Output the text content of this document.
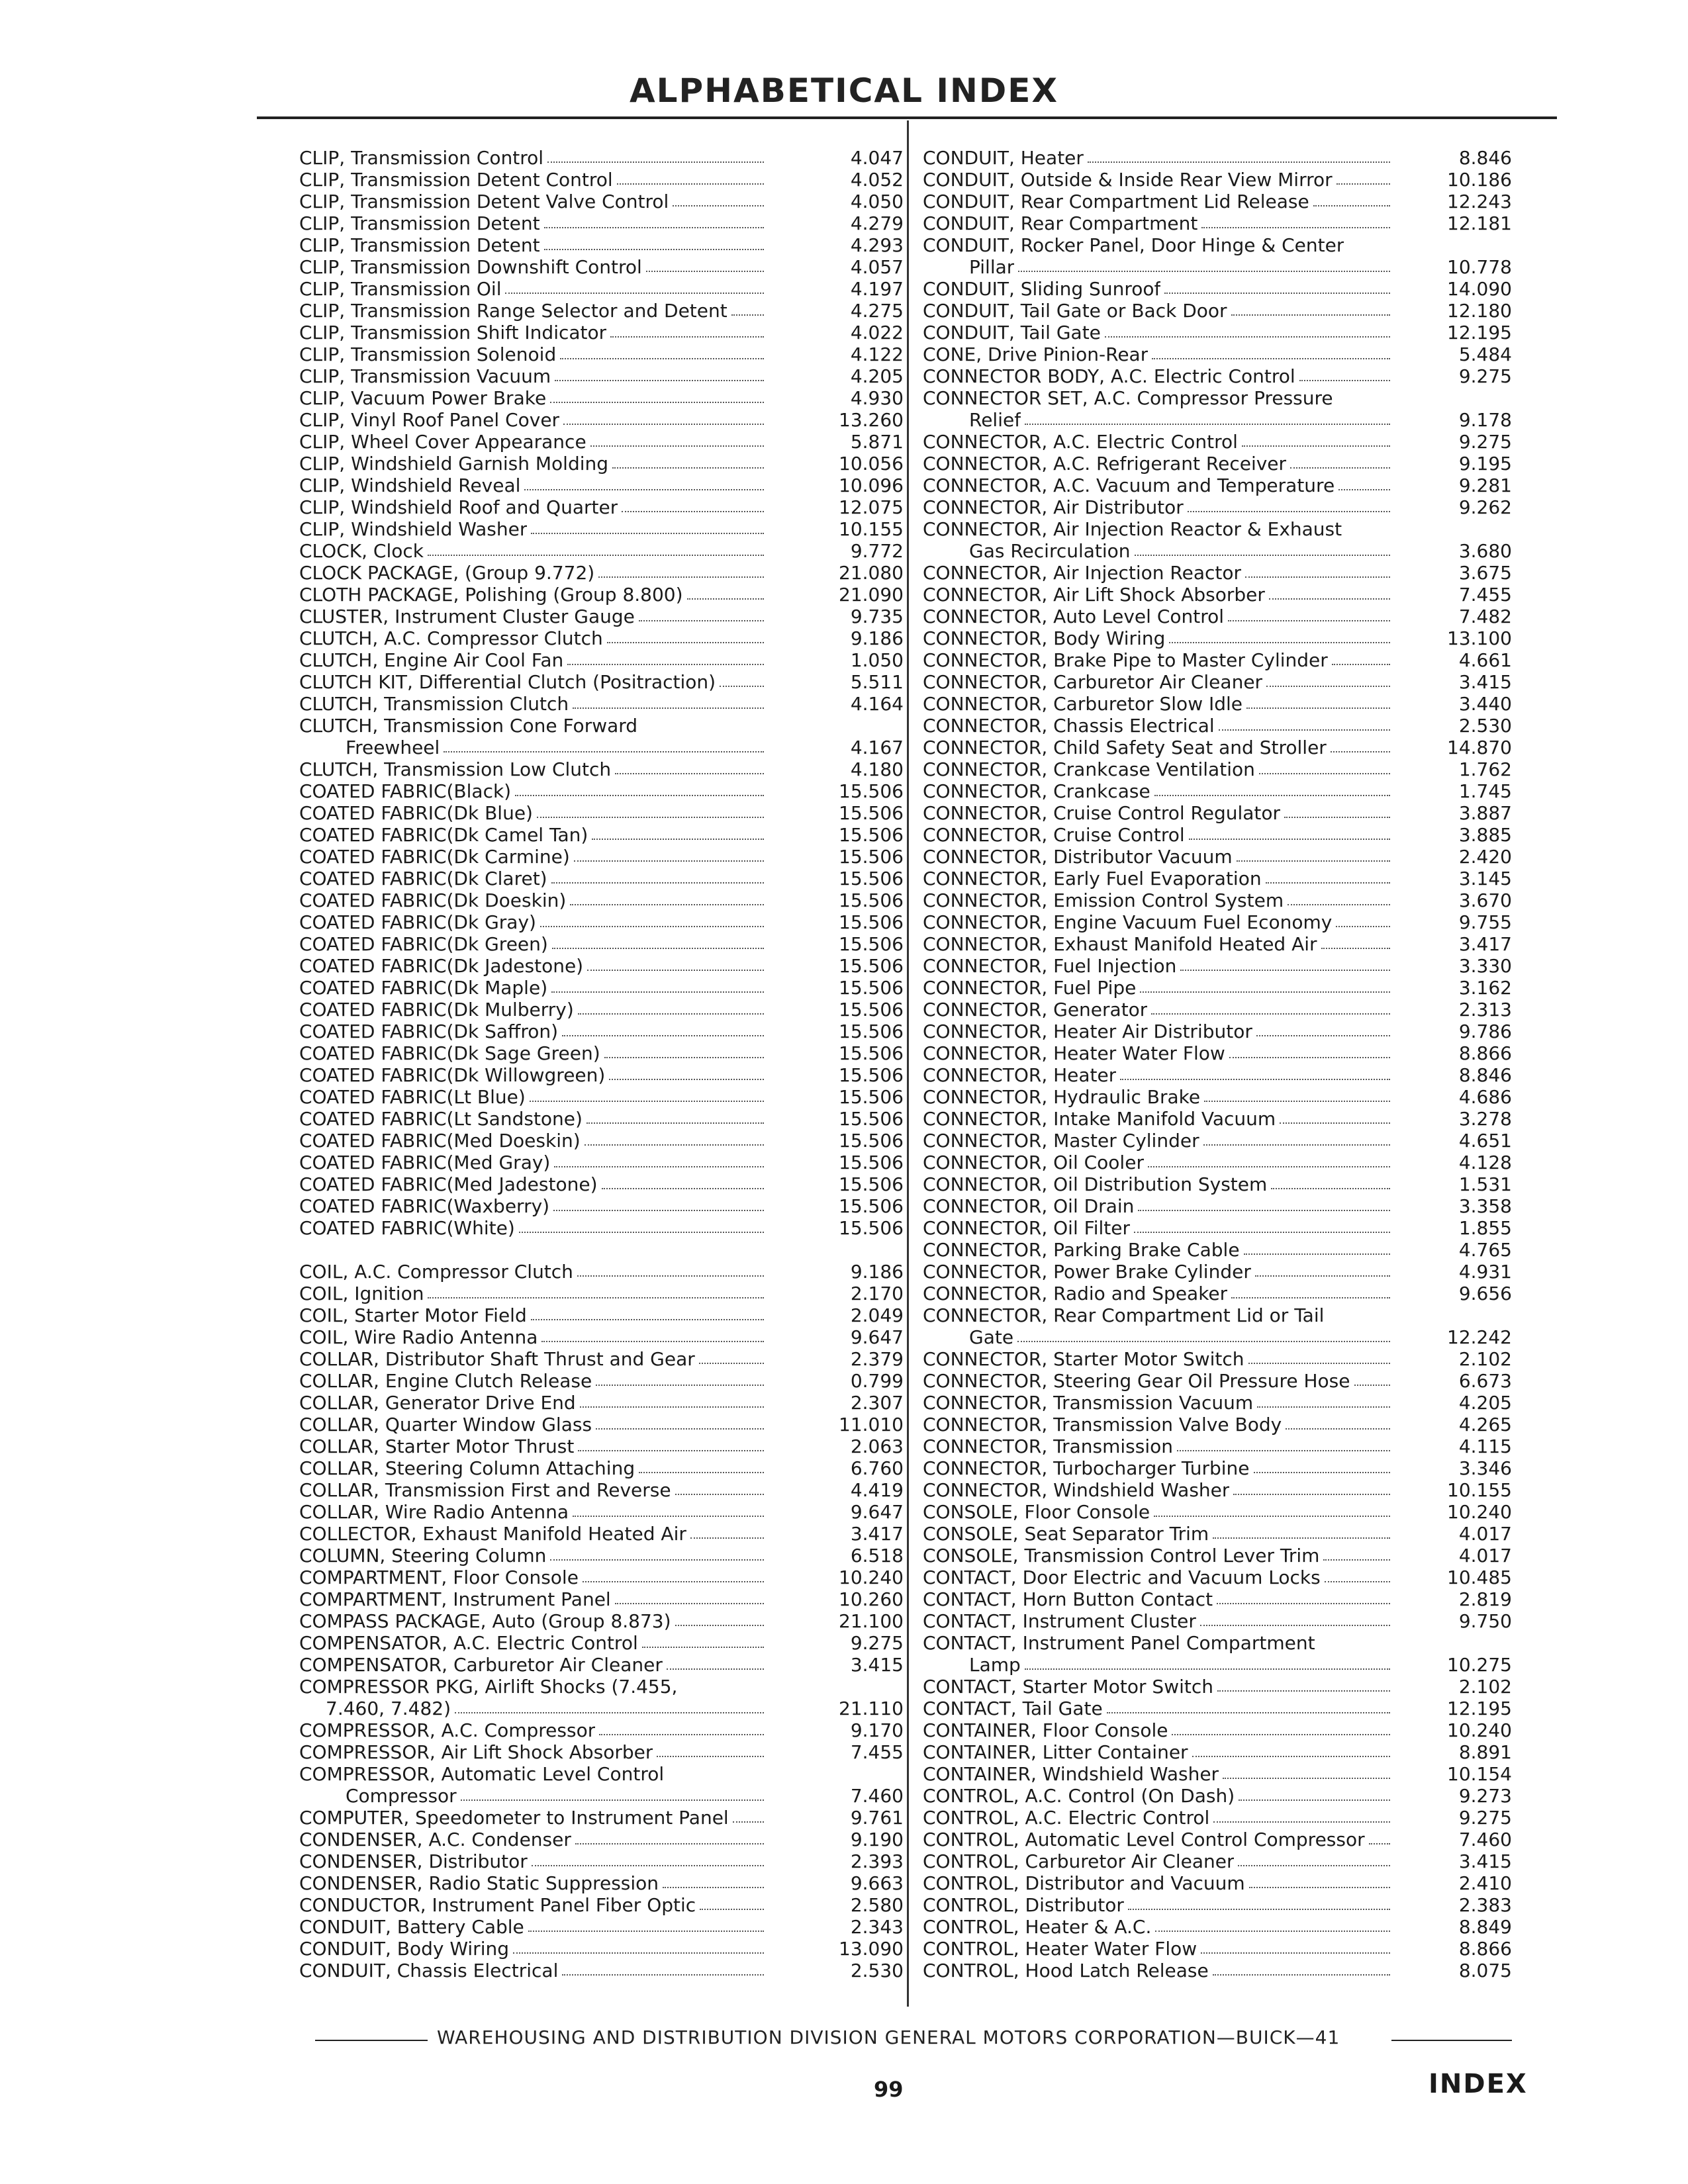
ALPHABETICAL INDEX
CLIP, Transmission Control	4.047
CLIP, Transmission Detent Control	4.052
CLIP, Transmission Detent Valve Control	4.050
CLIP, Transmission Detent	4.279
CLIP, Transmission Detent	4.293
CLIP, Transmission Downshift Control	4.057
CLIP, Transmission Oil	4.197
CLIP, Transmission Range Selector and Detent	4.275
CLIP, Transmission Shift Indicator	4.022
CLIP, Transmission Solenoid	4.122
CLIP, Transmission Vacuum	4.205
CLIP, Vacuum Power Brake	4.930
CLIP, Vinyl Roof Panel Cover	13.260
CLIP, Wheel Cover Appearance	5.871
CLIP, Windshield Garnish Molding	10.056
CLIP, Windshield Reveal	10.096
CLIP, Windshield Roof and Quarter	12.075
CLIP, Windshield Washer	10.155
CLOCK, Clock	9.772
CLOCK PACKAGE, (Group 9.772)	21.080
CLOTH PACKAGE, Polishing (Group 8.800)	21.090
CLUSTER, Instrument Cluster Gauge	9.735
CLUTCH, A.C. Compressor Clutch	9.186
CLUTCH, Engine Air Cool Fan	1.050
CLUTCH KIT, Differential Clutch (Positraction)	5.511
CLUTCH, Transmission Clutch	4.164
CLUTCH, Transmission Cone Forward
Freewheel	4.167
CLUTCH, Transmission Low Clutch	4.180
COATED FABRIC(Black)	15.506
COATED FABRIC(Dk Blue)	15.506
COATED FABRIC(Dk Camel Tan)	15.506
COATED FABRIC(Dk Carmine)	15.506
COATED FABRIC(Dk Claret)	15.506
COATED FABRIC(Dk Doeskin)	15.506
COATED FABRIC(Dk Gray)	15.506
COATED FABRIC(Dk Green)	15.506
COATED FABRIC(Dk Jadestone)	15.506
COATED FABRIC(Dk Maple)	15.506
COATED FABRIC(Dk Mulberry)	15.506
COATED FABRIC(Dk Saffron)	15.506
COATED FABRIC(Dk Sage Green)	15.506
COATED FABRIC(Dk Willowgreen)	15.506
COATED FABRIC(Lt Blue)	15.506
COATED FABRIC(Lt Sandstone)	15.506
COATED FABRIC(Med Doeskin)	15.506
COATED FABRIC(Med Gray)	15.506
COATED FABRIC(Med Jadestone)	15.506
COATED FABRIC(Waxberry)	15.506
COATED FABRIC(White)	15.506
COIL, A.C. Compressor Clutch	9.186
COIL, Ignition	2.170
COIL, Starter Motor Field	2.049
COIL, Wire Radio Antenna	9.647
COLLAR, Distributor Shaft Thrust and Gear	2.379
COLLAR, Engine Clutch Release	0.799
COLLAR, Generator Drive End	2.307
COLLAR, Quarter Window Glass	11.010
COLLAR, Starter Motor Thrust	2.063
COLLAR, Steering Column Attaching	6.760
COLLAR, Transmission First and Reverse	4.419
COLLAR, Wire Radio Antenna	9.647
COLLECTOR, Exhaust Manifold Heated Air	3.417
COLUMN, Steering Column	6.518
COMPARTMENT, Floor Console	10.240
COMPARTMENT, Instrument Panel	10.260
COMPASS PACKAGE, Auto (Group 8.873)	21.100
COMPENSATOR, A.C. Electric Control	9.275
COMPENSATOR, Carburetor Air Cleaner	3.415
COMPRESSOR PKG, Airlift Shocks (7.455,
7.460, 7.482)	21.110
COMPRESSOR, A.C. Compressor	9.170
COMPRESSOR, Air Lift Shock Absorber	7.455
COMPRESSOR, Automatic Level Control
Compressor	7.460
COMPUTER, Speedometer to Instrument Panel	9.761
CONDENSER, A.C. Condenser	9.190
CONDENSER, Distributor	2.393
CONDENSER, Radio Static Suppression	9.663
CONDUCTOR, Instrument Panel Fiber Optic	2.580
CONDUIT, Battery Cable	2.343
CONDUIT, Body Wiring	13.090
CONDUIT, Chassis Electrical	2.530
CONDUIT, Heater	8.846
CONDUIT, Outside & Inside Rear View Mirror	10.186
CONDUIT, Rear Compartment Lid Release	12.243
CONDUIT, Rear Compartment	12.181
CONDUIT, Rocker Panel, Door Hinge & Center
Pillar	10.778
CONDUIT, Sliding Sunroof	14.090
CONDUIT, Tail Gate or Back Door	12.180
CONDUIT, Tail Gate	12.195
CONE, Drive Pinion-Rear	5.484
CONNECTOR BODY, A.C. Electric Control	9.275
CONNECTOR SET, A.C. Compressor Pressure
Relief	9.178
CONNECTOR, A.C. Electric Control	9.275
CONNECTOR, A.C. Refrigerant Receiver	9.195
CONNECTOR, A.C. Vacuum and Temperature	9.281
CONNECTOR, Air Distributor	9.262
CONNECTOR, Air Injection Reactor & Exhaust
Gas Recirculation	3.680
CONNECTOR, Air Injection Reactor	3.675
CONNECTOR, Air Lift Shock Absorber	7.455
CONNECTOR, Auto Level Control	7.482
CONNECTOR, Body Wiring	13.100
CONNECTOR, Brake Pipe to Master Cylinder	4.661
CONNECTOR, Carburetor Air Cleaner	3.415
CONNECTOR, Carburetor Slow Idle	3.440
CONNECTOR, Chassis Electrical	2.530
CONNECTOR, Child Safety Seat and Stroller	14.870
CONNECTOR, Crankcase Ventilation	1.762
CONNECTOR, Crankcase	1.745
CONNECTOR, Cruise Control Regulator	3.887
CONNECTOR, Cruise Control	3.885
CONNECTOR, Distributor Vacuum	2.420
CONNECTOR, Early Fuel Evaporation	3.145
CONNECTOR, Emission Control System	3.670
CONNECTOR, Engine Vacuum Fuel Economy	9.755
CONNECTOR, Exhaust Manifold Heated Air	3.417
CONNECTOR, Fuel Injection	3.330
CONNECTOR, Fuel Pipe	3.162
CONNECTOR, Generator	2.313
CONNECTOR, Heater Air Distributor	9.786
CONNECTOR, Heater Water Flow	8.866
CONNECTOR, Heater	8.846
CONNECTOR, Hydraulic Brake	4.686
CONNECTOR, Intake Manifold Vacuum	3.278
CONNECTOR, Master Cylinder	4.651
CONNECTOR, Oil Cooler	4.128
CONNECTOR, Oil Distribution System	1.531
CONNECTOR, Oil Drain	3.358
CONNECTOR, Oil Filter	1.855
CONNECTOR, Parking Brake Cable	4.765
CONNECTOR, Power Brake Cylinder	4.931
CONNECTOR, Radio and Speaker	9.656
CONNECTOR, Rear Compartment Lid or Tail
Gate	12.242
CONNECTOR, Starter Motor Switch	2.102
CONNECTOR, Steering Gear Oil Pressure Hose	6.673
CONNECTOR, Transmission Vacuum	4.205
CONNECTOR, Transmission Valve Body	4.265
CONNECTOR, Transmission	4.115
CONNECTOR, Turbocharger Turbine	3.346
CONNECTOR, Windshield Washer	10.155
CONSOLE, Floor Console	10.240
CONSOLE, Seat Separator Trim	4.017
CONSOLE, Transmission Control Lever Trim	4.017
CONTACT, Door Electric and Vacuum Locks	10.485
CONTACT, Horn Button Contact	2.819
CONTACT, Instrument Cluster	9.750
CONTACT, Instrument Panel Compartment
Lamp	10.275
CONTACT, Starter Motor Switch	2.102
CONTACT, Tail Gate	12.195
CONTAINER, Floor Console	10.240
CONTAINER, Litter Container	8.891
CONTAINER, Windshield Washer	10.154
CONTROL, A.C. Control (On Dash)	9.273
CONTROL, A.C. Electric Control	9.275
CONTROL, Automatic Level Control Compressor	7.460
CONTROL, Carburetor Air Cleaner	3.415
CONTROL, Distributor and Vacuum	2.410
CONTROL, Distributor	2.383
CONTROL, Heater & A.C.	8.849
CONTROL, Heater Water Flow	8.866
CONTROL, Hood Latch Release	8.075
WAREHOUSING AND DISTRIBUTION DIVISION GENERAL MOTORS CORPORATION—BUICK—41
99	INDEX
